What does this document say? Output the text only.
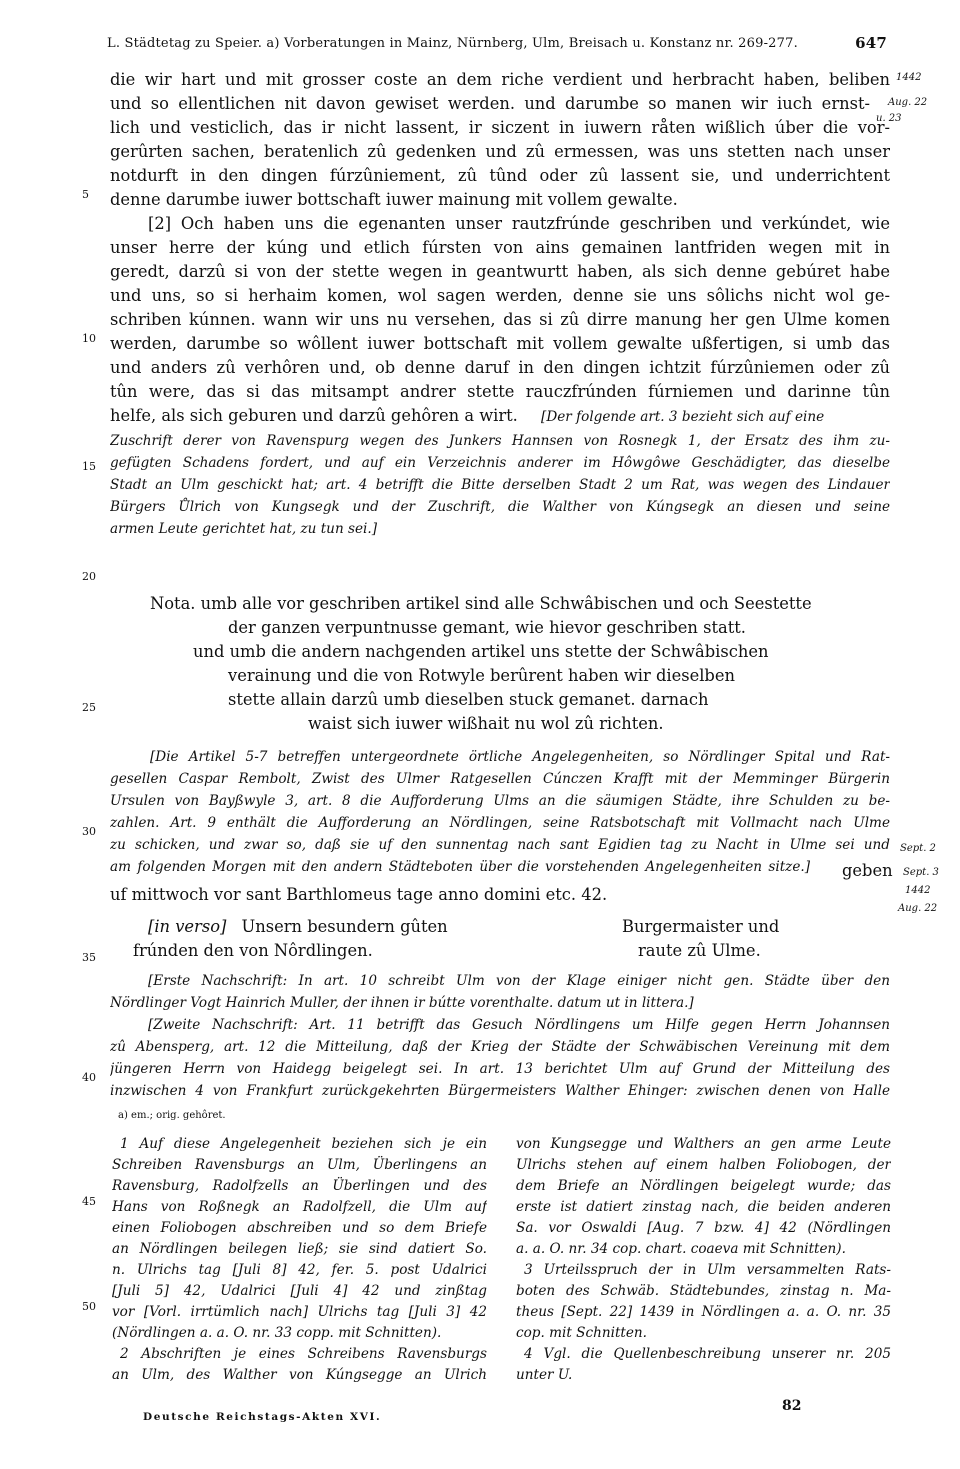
L. Städtetag zu Speier. a) Vorberatungen in Mainz, Nürnberg, Ulm, Breisach u. Konstanz nr. 269-277.	647
die wir hart und mit grosser coste an dem riche verdient und herbracht haben, beliben
und so ellentlichen nit davon gewiset werden. und darumbe so manen wir iuch ernst-
lich und vesticlich, das ir nicht lassent, ir siczent in iuwern råten wißlich úber die vor-
gerûrten sachen, beratenlich zû gedenken und zû ermessen, was uns stetten nach unser
notdurft in den dingen fúrzûniement, zû tûnd oder zû lassent sie, und underrichtent
denne darumbe iuwer bottschaft iuwer mainung mit vollem gewalte.
[2] Och haben uns die egenanten unser rautzfrúnde geschriben und verkúndet, wie
unser herre der kúng und etlich fúrsten von ains gemainen lantfriden wegen mit in
geredt, darzû si von der stette wegen in geantwurtt haben, als sich denne gebúret habe
und uns, so si herhaim komen, wol sagen werden, denne sie uns sôlichs nicht wol ge-
schriben kúnnen. wann wir uns nu versehen, das si zû dirre manung her gen Ulme komen
werden, darumbe so wôllent iuwer bottschaft mit vollem gewalte ußfertigen, si umb das
und anders zû verhôren und, ob denne daruf in den dingen ichtzit fúrzûniemen oder zû
tûn were, das si das mitsampt andrer stette rauczfrúnden fúrniemen und darinne tûn
helfe, als sich geburen und darzû gehôren a wirt. [Der folgende art. 3 bezieht sich auf eine
Zuschrift derer von Ravenspurg wegen des Junkers Hannsen von Rosnegk 1, der Ersatz des ihm zu-
gefügten Schadens fordert, und auf ein Verzeichnis anderer im Hôwgôwe Geschädigter, das dieselbe
Stadt an Ulm geschickt hat; art. 4 betrifft die Bitte derselben Stadt 2 um Rat, was wegen des Lindauer
Bürgers Ůlrich von Kungsegk und der Zuschrift, die Walther von Kúngsegk an diesen und seine
armen Leute gerichtet hat, zu tun sei.]
Nota. umb alle vor geschriben artikel sind alle Schwâbischen und och Seestette
der ganzen verpuntnusse gemant, wie hievor geschriben statt.
und umb die andern nachgenden artikel uns stette der Schwâbischen
verainung und die von Rotwyle berûrent haben wir dieselben
stette allain darzû umb dieselben stuck gemanet. darnach
waist sich iuwer wißhait nu wol zû richten.
[Die Artikel 5-7 betreffen untergeordnete örtliche Angelegenheiten, so Nördlinger Spital und Rat-
gesellen Caspar Rembolt, Zwist des Ulmer Ratgesellen Cúnczen Krafft mit der Memminger Bürgerin
Ursulen von Bayßwyle 3, art. 8 die Aufforderung Ulms an die säumigen Städte, ihre Schulden zu be-
zahlen. Art. 9 enthält die Aufforderung an Nördlingen, seine Ratsbotschaft mit Vollmacht nach Ulme
zu schicken, und zwar so, daß sie uf den sunnentag nach sant Egidien tag zu Nacht in Ulme sei und
am folgenden Morgen mit den andern Städteboten über die vorstehenden Angelegenheiten sitze.] geben
uf mittwoch vor sant Barthlomeus tage anno domini etc. 42.
[in verso] Unsern besundern gûten
frúnden den von Nôrdlingen.
Burgermaister und
raute zû Ulme.
[Erste Nachschrift: In art. 10 schreibt Ulm von der Klage einiger nicht gen. Städte über den
Nördlinger Vogt Hainrich Muller, der ihnen ir bútte vorenthalte. datum ut in littera.]
[Zweite Nachschrift: Art. 11 betrifft das Gesuch Nördlingens um Hilfe gegen Herrn Johannsen
zû Abensperg, art. 12 die Mitteilung, daß der Krieg der Städte der Schwäbischen Vereinung mit dem
jüngeren Herrn von Haidegg beigelegt sei. In art. 13 berichtet Ulm auf Grund der Mitteilung des
inzwischen 4 von Frankfurt zurückgekehrten Bürgermeisters Walther Ehinger: zwischen denen von Halle
a) em.; orig. gehôret.
1 Auf diese Angelegenheit beziehen sich je ein
Schreiben Ravensburgs an Ulm, Überlingens an
Ravensburg, Radolfzells an Überlingen und des
Hans von Roßnegk an Radolfzell, die Ulm auf
einen Foliobogen abschreiben und so dem Briefe
an Nördlingen beilegen ließ; sie sind datiert So.
n. Ulrichs tag [Juli 8] 42, fer. 5. post Udalrici
[Juli 5] 42, Udalrici [Juli 4] 42 und zinßtag
vor [Vorl. irrtümlich nach] Ulrichs tag [Juli 3] 42
(Nördlingen a. a. O. nr. 33 copp. mit Schnitten).
2 Abschriften je eines Schreibens Ravensburgs
an Ulm, des Walther von Kúngsegge an Ulrich
von Kungsegge und Walthers an gen arme Leute
Ulrichs stehen auf einem halben Foliobogen, der
dem Briefe an Nördlingen beigelegt wurde; das
erste ist datiert zinstag nach, die beiden anderen
Sa. vor Oswaldi [Aug. 7 bzw. 4] 42 (Nördlingen
a. a. O. nr. 34 cop. chart. coaeva mit Schnitten).
3 Urteilsspruch der in Ulm versammelten Rats-
boten des Schwäb. Städtebundes, zinstag n. Ma-
theus [Sept. 22] 1439 in Nördlingen a. a. O. nr. 35
cop. mit Schnitten.
4 Vgl. die Quellenbeschreibung unserer nr. 205
unter U.
5
10
15
20
25
30
35
40
45
50
1442
Aug. 22
u. 23
Sept. 2
Sept. 3
1442
Aug. 22
Deutsche Reichstags-Akten XVI.
82
